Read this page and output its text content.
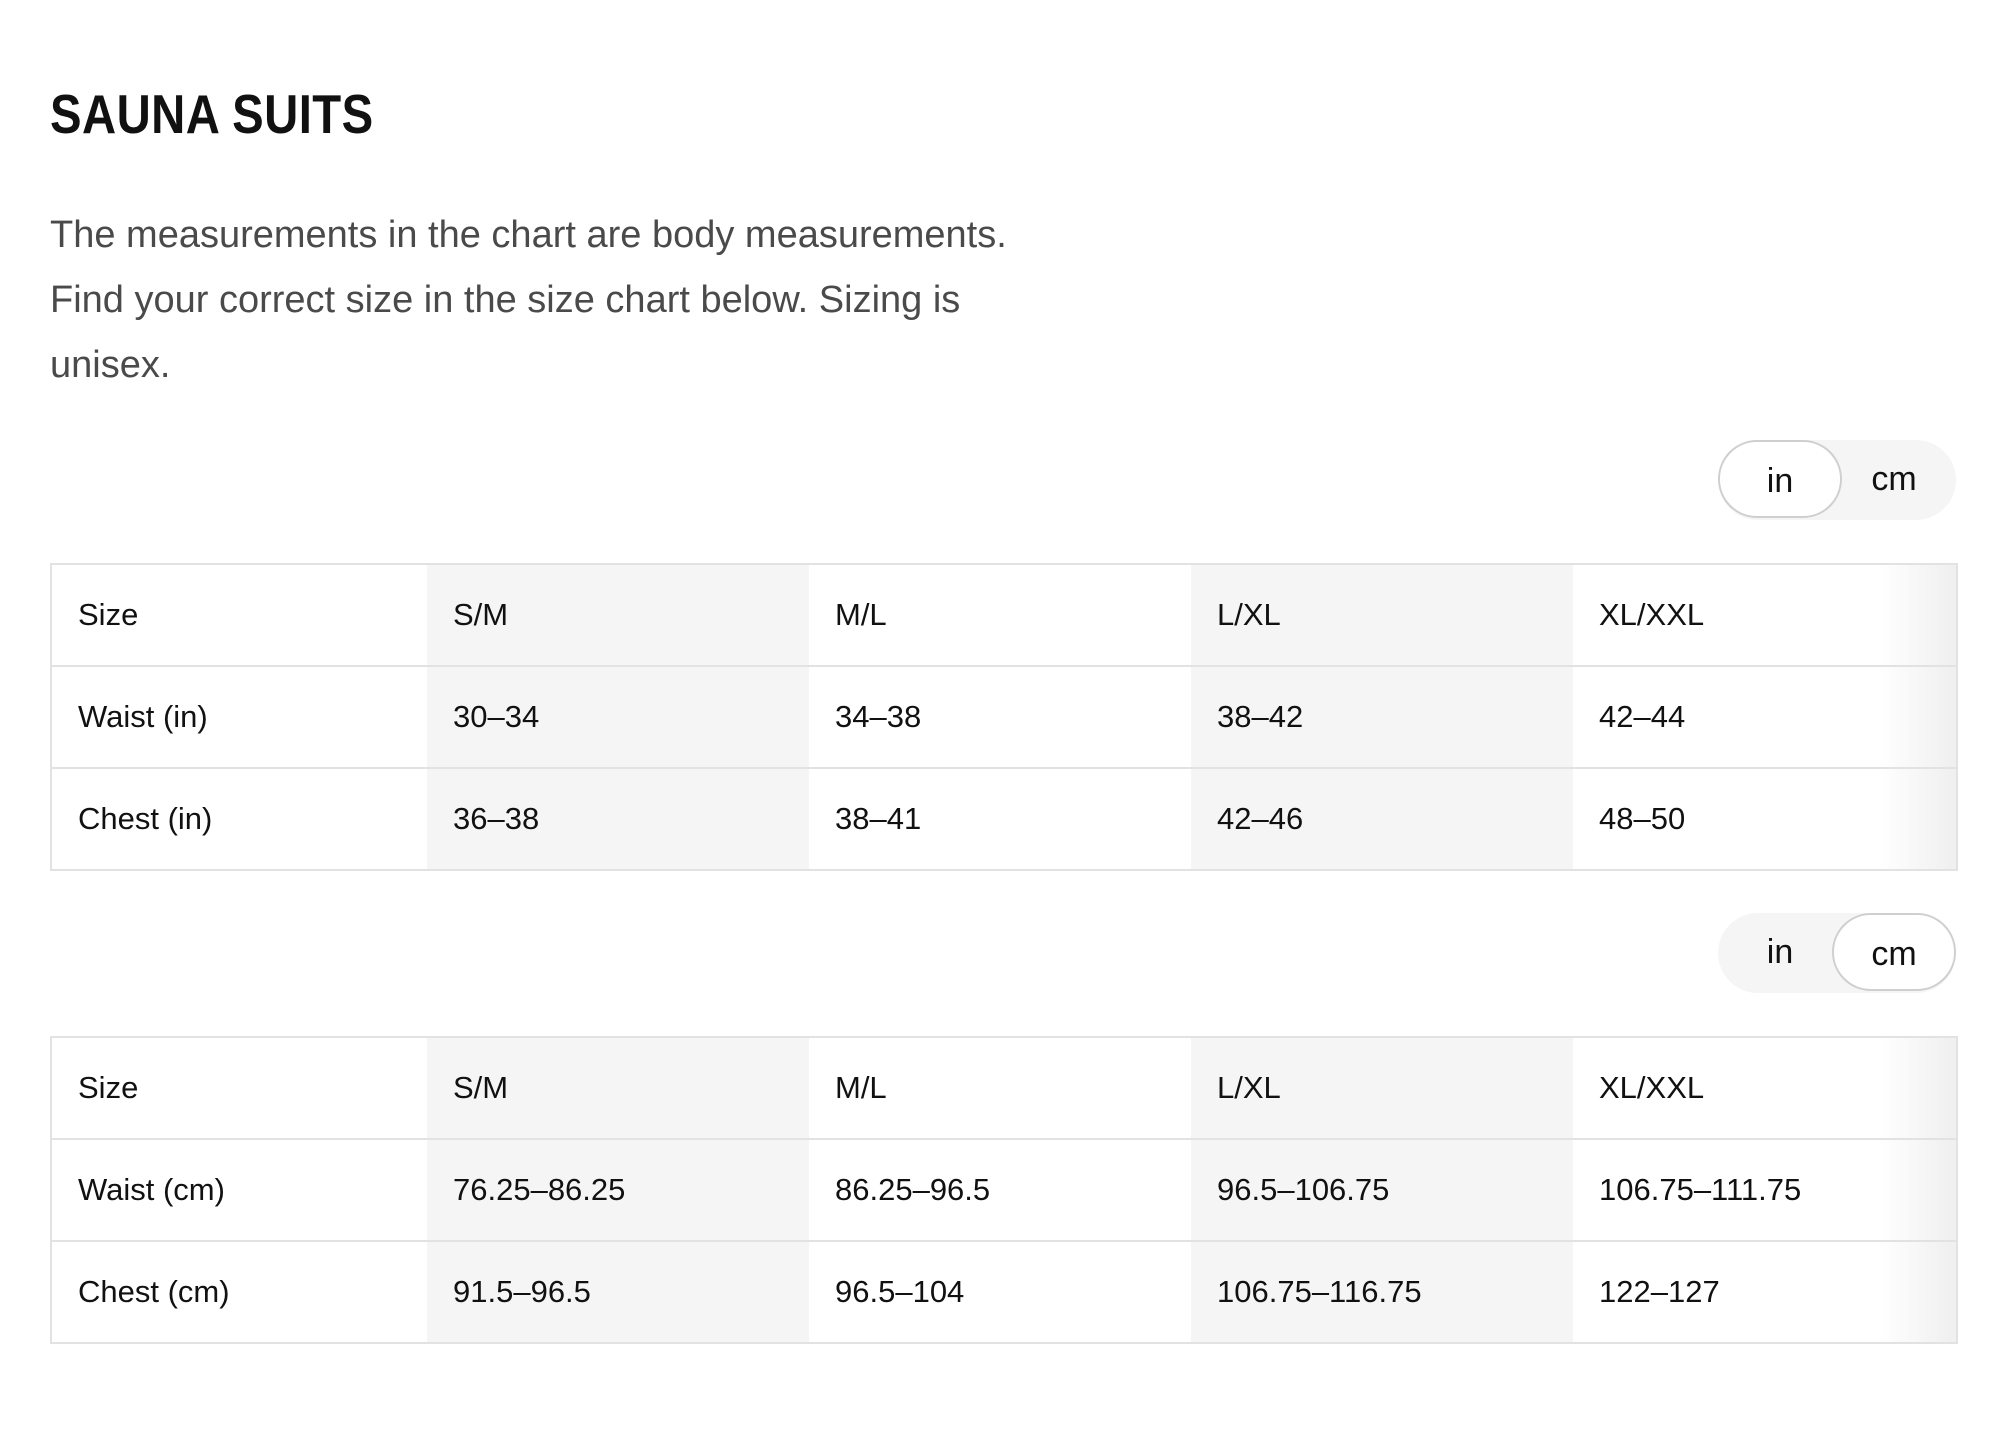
SAUNA SUITS

The measurements in the chart are body measurements. Find your correct size in the size chart below. Sizing is unisex.

in	cm
Size	S/M	M/L	L/XL	XL/XXL
Waist (in)	30–34	34–38	38–42	42–44
Chest (in)	36–38	38–41	42–46	48–50
in	cm
Size	S/M	M/L	L/XL	XL/XXL
Waist (cm)	76.25–86.25	86.25–96.5	96.5–106.75	106.75–111.75
Chest (cm)	91.5–96.5	96.5–104	106.75–116.75	122–127
